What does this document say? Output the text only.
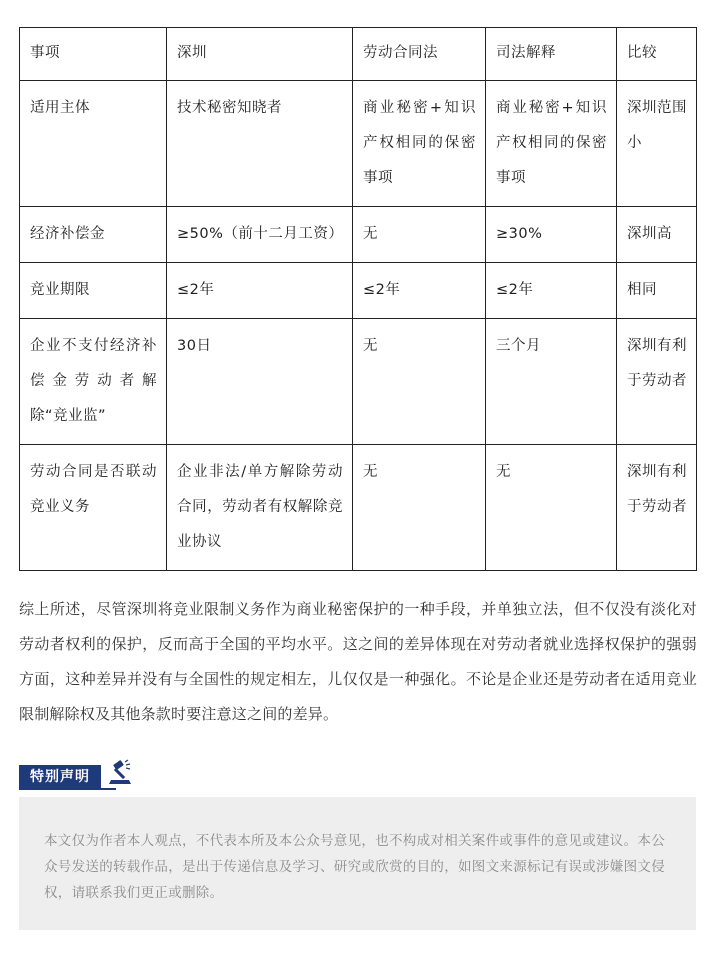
事项	深圳	劳动合同法	司法解释	比较
适用主体	技术秘密知晓者	商业秘密+知识产权相同的保密事项	商业秘密+知识产权相同的保密事项	深圳范围小
经济补偿金	≥50%（前十二月工资）	无	≥30%	深圳高
竞业期限	≤2年	≤2年	≤2年	相同
企业不支付经济补偿金劳动者解除“竞业监”	30日	无	三个月	深圳有利于劳动者
劳动合同是否联动竞业义务	企业非法/单方解除劳动合同，劳动者有权解除竞业协议	无	无	深圳有利于劳动者

综上所述，尽管深圳将竞业限制义务作为商业秘密保护的一种手段，并单独立法，但不仅没有淡化对劳动者权利的保护，反而高于全国的平均水平。这之间的差异体现在对劳动者就业选择权保护的强弱方面，这种差异并没有与全国性的规定相左，儿仅仅是一种强化。不论是企业还是劳动者在适用竞业限制解除权及其他条款时要注意这之间的差异。

特别声明
本文仅为作者本人观点，不代表本所及本公众号意见，也不构成对相关案件或事件的意见或建议。本公众号发送的转载作品，是出于传递信息及学习、研究或欣赏的目的，如图文来源标记有误或涉嫌图文侵权，请联系我们更正或删除。
